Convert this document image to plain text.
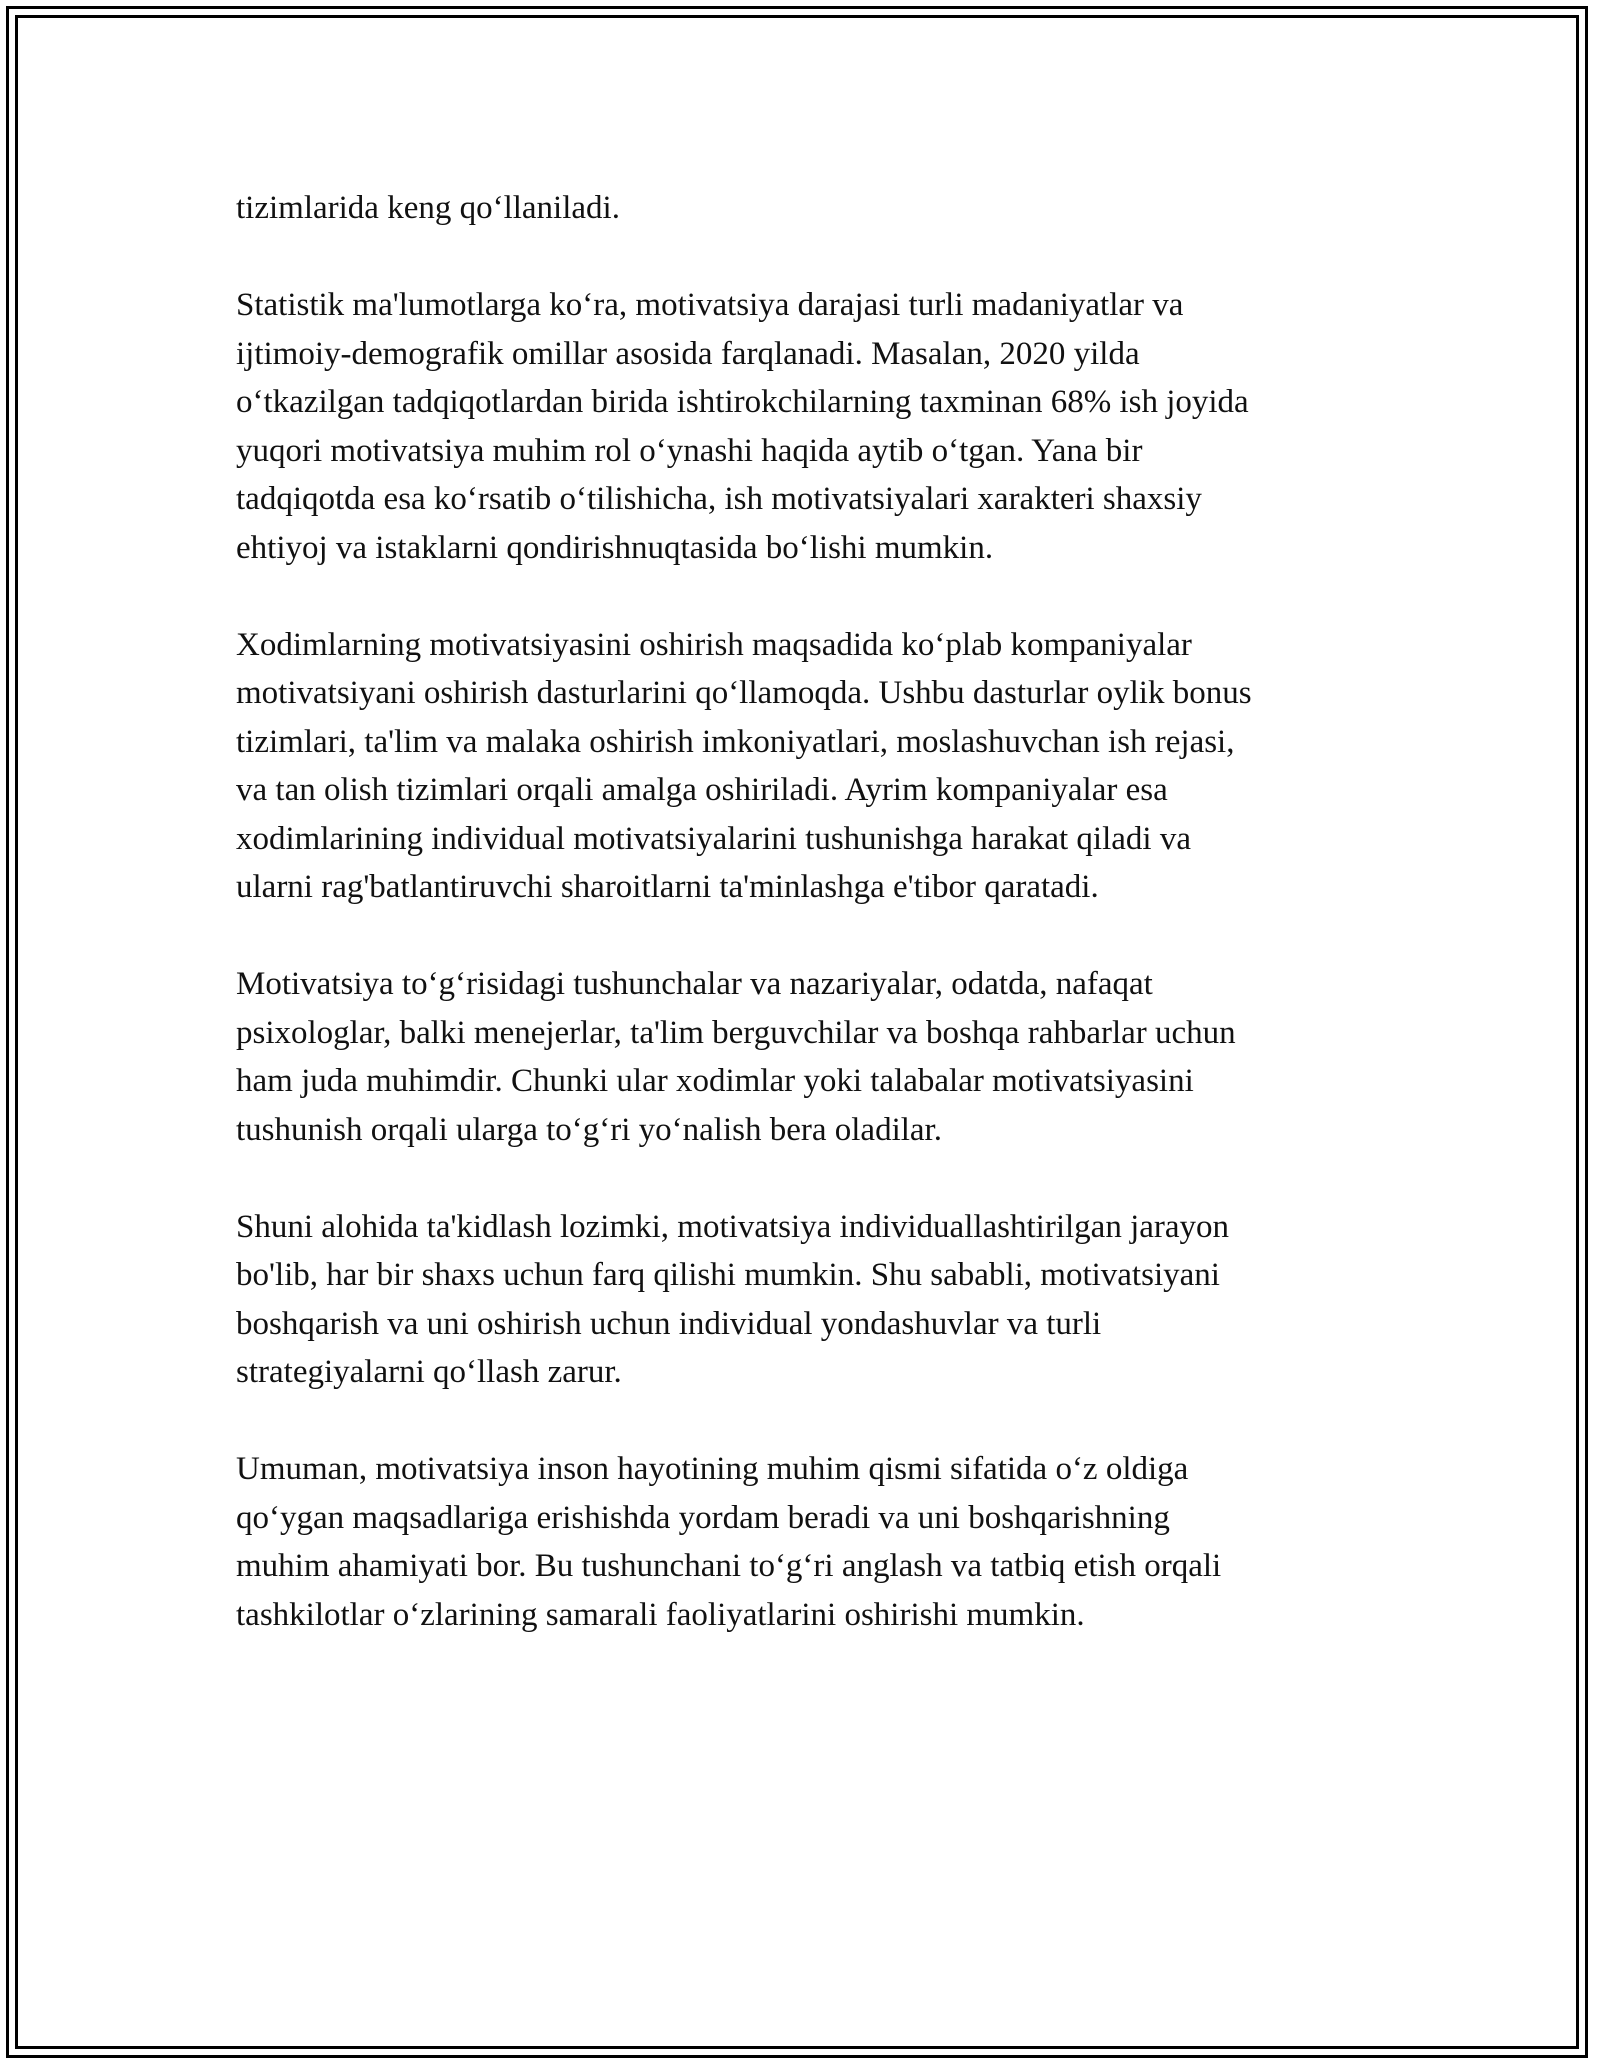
tizimlarida keng qo‘llaniladi.

Statistik ma'lumotlarga ko‘ra, motivatsiya darajasi turli madaniyatlar va
ijtimoiy-demografik omillar asosida farqlanadi. Masalan, 2020 yilda
o‘tkazilgan tadqiqotlardan birida ishtirokchilarning taxminan 68% ish joyida
yuqori motivatsiya muhim rol o‘ynashi haqida aytib o‘tgan. Yana bir
tadqiqotda esa ko‘rsatib o‘tilishicha, ish motivatsiyalari xarakteri shaxsiy
ehtiyoj va istaklarni qondirishnuqtasida bo‘lishi mumkin.

Xodimlarning motivatsiyasini oshirish maqsadida ko‘plab kompaniyalar
motivatsiyani oshirish dasturlarini qo‘llamoqda. Ushbu dasturlar oylik bonus
tizimlari, ta'lim va malaka oshirish imkoniyatlari, moslashuvchan ish rejasi,
va tan olish tizimlari orqali amalga oshiriladi. Ayrim kompaniyalar esa
xodimlarining individual motivatsiyalarini tushunishga harakat qiladi va
ularni rag'batlantiruvchi sharoitlarni ta'minlashga e'tibor qaratadi.

Motivatsiya to‘g‘risidagi tushunchalar va nazariyalar, odatda, nafaqat
psixologlar, balki menejerlar, ta'lim berguvchilar va boshqa rahbarlar uchun
ham juda muhimdir. Chunki ular xodimlar yoki talabalar motivatsiyasini
tushunish orqali ularga to‘g‘ri yo‘nalish bera oladilar.

Shuni alohida ta'kidlash lozimki, motivatsiya individuallashtirilgan jarayon
bo'lib, har bir shaxs uchun farq qilishi mumkin. Shu sababli, motivatsiyani
boshqarish va uni oshirish uchun individual yondashuvlar va turli
strategiyalarni qo‘llash zarur.

Umuman, motivatsiya inson hayotining muhim qismi sifatida o‘z oldiga
qo‘ygan maqsadlariga erishishda yordam beradi va uni boshqarishning
muhim ahamiyati bor. Bu tushunchani to‘g‘ri anglash va tatbiq etish orqali
tashkilotlar o‘zlarining samarali faoliyatlarini oshirishi mumkin.
